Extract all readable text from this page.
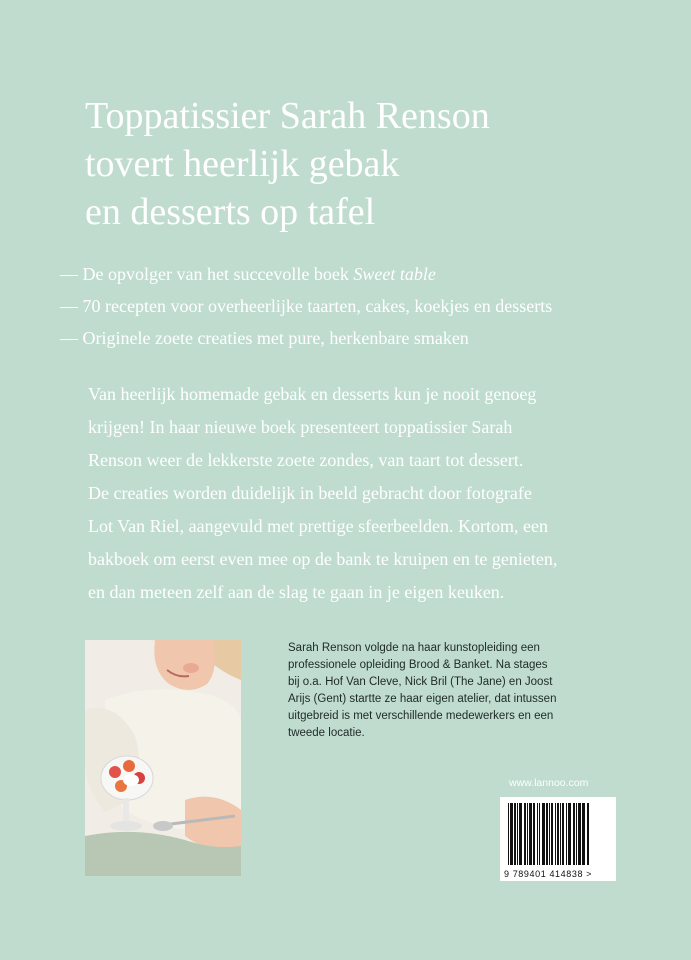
Toppatissier Sarah Renson
tovert heerlijk gebak
en desserts op tafel
— De opvolger van het succevolle boek Sweet table
— 70 recepten voor overheerlijke taarten, cakes, koekjes en desserts
— Originele zoete creaties met pure, herkenbare smaken
Van heerlijk homemade gebak en desserts kun je nooit genoeg
krijgen! In haar nieuwe boek presenteert toppatissier Sarah
Renson weer de lekkerste zoete zondes, van taart tot dessert.
De creaties worden duidelijk in beeld gebracht door fotografe
Lot Van Riel, aangevuld met prettige sfeerbeelden. Kortom, een
bakboek om eerst even mee op de bank te kruipen en te genieten,
en dan meteen zelf aan de slag te gaan in je eigen keuken.
Sarah Renson volgde na haar kunstopleiding een
professionele opleiding Brood & Banket. Na stages
bij o.a. Hof Van Cleve, Nick Bril (The Jane) en Joost
Arijs (Gent) startte ze haar eigen atelier, dat intussen
uitgebreid is met verschillende medewerkers en een
tweede locatie.
www.lannoo.com
9 789401 414838 >
